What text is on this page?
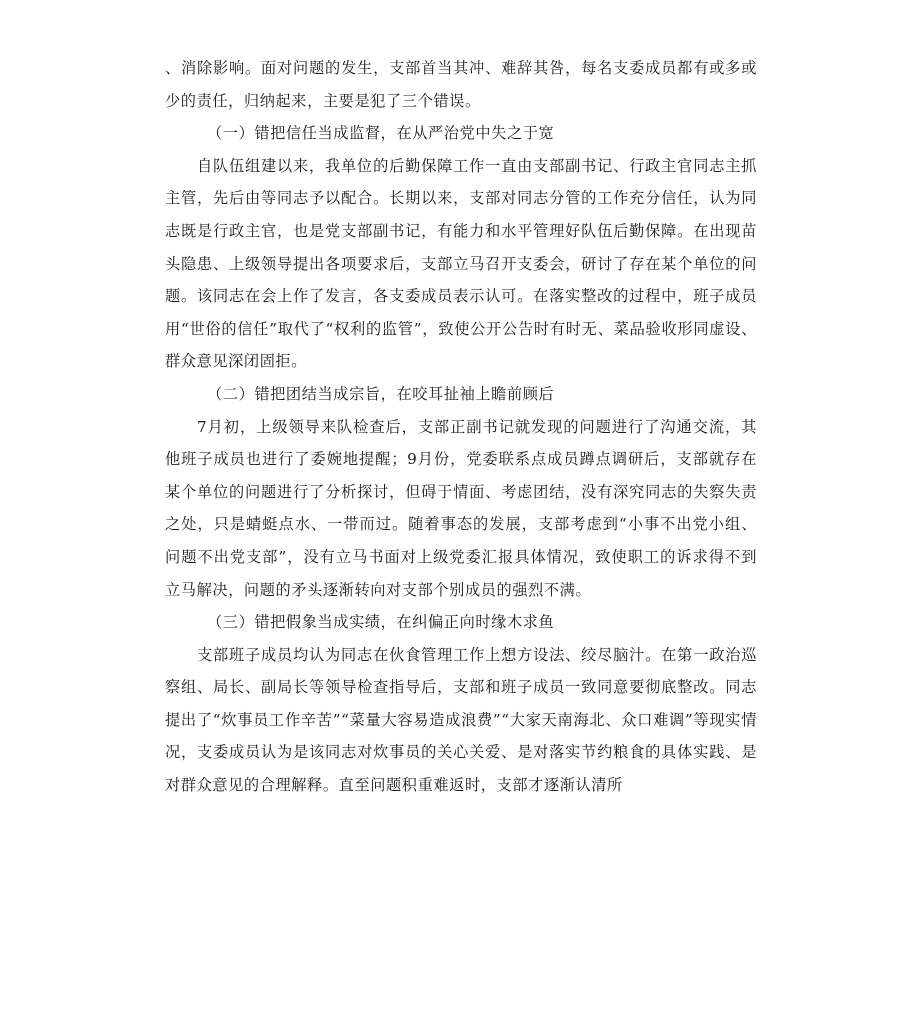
、消除影响。面对问题的发生，支部首当其冲、难辞其咎，每名支委成员都有或多或少的责任，归纳起来，主要是犯了三个错误。

（一）错把信任当成监督，在从严治党中失之于宽

自队伍组建以来，我单位的后勤保障工作一直由支部副书记、行政主官同志主抓主管，先后由等同志予以配合。长期以来，支部对同志分管的工作充分信任，认为同志既是行政主官，也是党支部副书记，有能力和水平管理好队伍后勤保障。在出现苗头隐患、上级领导提出各项要求后，支部立马召开支委会，研讨了存在某个单位的问题。该同志在会上作了发言，各支委成员表示认可。在落实整改的过程中，班子成员用“世俗的信任”取代了“权利的监管”，致使公开公告时有时无、菜品验收形同虚设、群众意见深闭固拒。

（二）错把团结当成宗旨，在咬耳扯袖上瞻前顾后

7月初，上级领导来队检查后，支部正副书记就发现的问题进行了沟通交流，其他班子成员也进行了委婉地提醒；9月份，党委联系点成员蹲点调研后，支部就存在某个单位的问题进行了分析探讨，但碍于情面、考虑团结，没有深究同志的失察失责之处，只是蜻蜓点水、一带而过。随着事态的发展，支部考虑到“小事不出党小组、问题不出党支部”，没有立马书面对上级党委汇报具体情况，致使职工的诉求得不到立马解决，问题的矛头逐渐转向对支部个别成员的强烈不满。

（三）错把假象当成实绩，在纠偏正向时缘木求鱼

支部班子成员均认为同志在伙食管理工作上想方设法、绞尽脑汁。在第一政治巡察组、局长、副局长等领导检查指导后，支部和班子成员一致同意要彻底整改。同志提出了“炊事员工作辛苦”“菜量大容易造成浪费”“大家天南海北、众口难调”等现实情况，支委成员认为是该同志对炊事员的关心关爱、是对落实节约粮食的具体实践、是对群众意见的合理解释。直至问题积重难返时，支部才逐渐认清所
